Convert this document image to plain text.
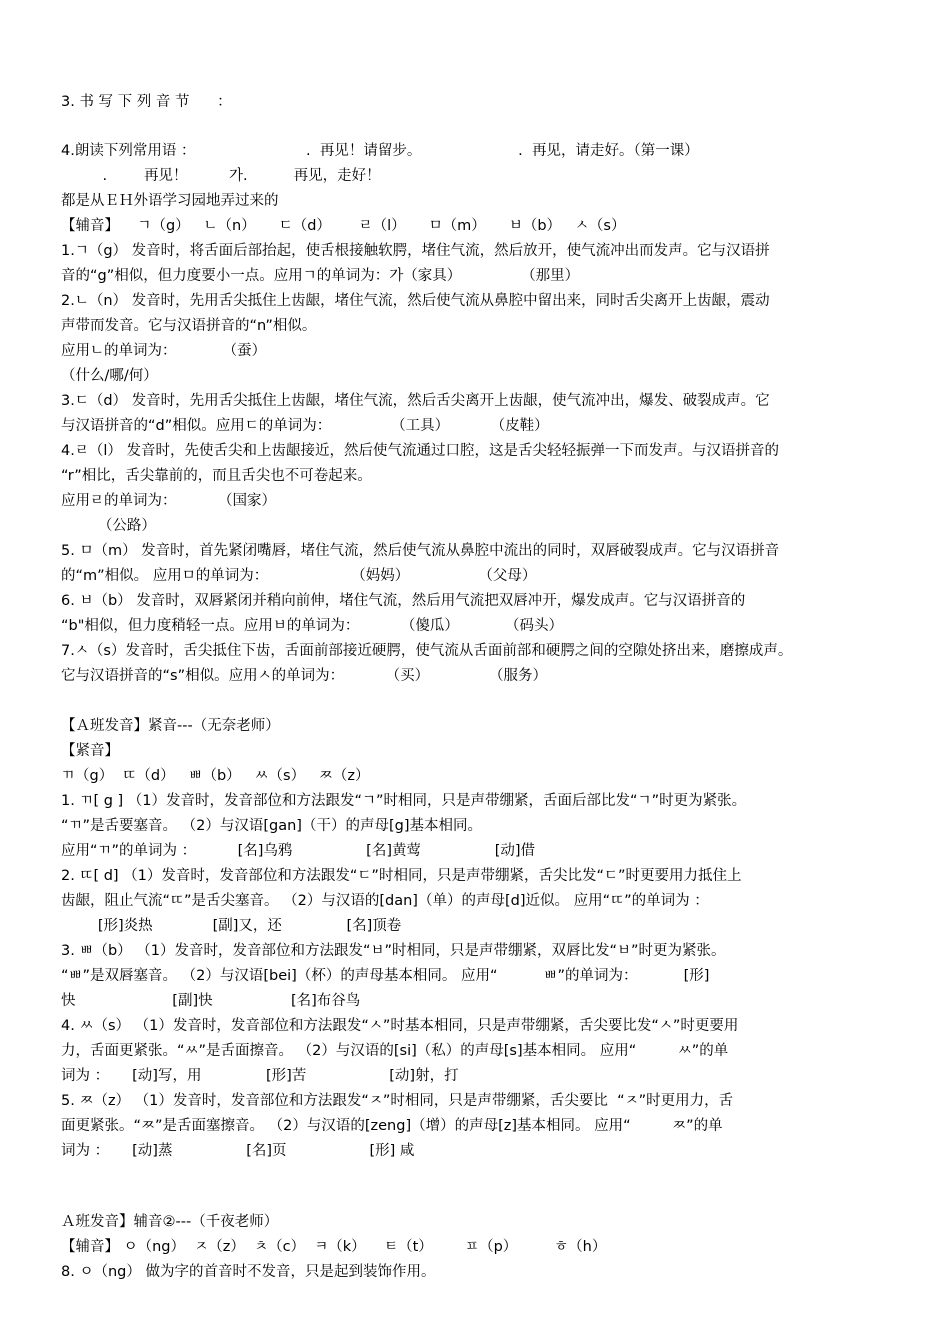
3. 书 写 下 列 音 节      ：
4.朗读下列常用语 ：                        .  再见！请留步。                     .  再见，请走好。（第一课）
.        再见！         가.          再见，走好！
都是从ＥＨ外语学习园地弄过来的
【辅音】    ㄱ（g）   ㄴ（n）     ㄷ（d）      ㄹ（l）     ㅁ（m）     ㅂ（b）   ㅅ（s）
1.ㄱ（g） 发音时，将舌面后部抬起，使舌根接触软腭，堵住气流，然后放开，使气流冲出而发声。它与汉语拼
音的“g”相似，但力度要小一点。应用ㄱ的单词为：가（家具）             （那里）
2.ㄴ（n） 发音时，先用舌尖抵住上齿龈，堵住气流，然后使气流从鼻腔中留出来，同时舌尖离开上齿龈，震动
声带而发音。它与汉语拼音的“n”相似。
应用ㄴ的单词为：          （蚕）
（什么/哪/何）
3.ㄷ（d） 发音时，先用舌尖抵住上齿龈，堵住气流，然后舌尖离开上齿龈，使气流冲出，爆发、破裂成声。它
与汉语拼音的“d”相似。应用ㄷ的单词为：             （工具）         （皮鞋）
4.ㄹ（l） 发音时，先使舌尖和上齿龈接近，然后使气流通过口腔，这是舌尖轻轻振弹一下而发声。与汉语拼音的
“r”相比，舌尖靠前的，而且舌尖也不可卷起来。
应用ㄹ的单词为：         （国家）
（公路）
5. ㅁ（m） 发音时，首先紧闭嘴唇，堵住气流，然后使气流从鼻腔中流出的同时，双唇破裂成声。它与汉语拼音
的“m”相似。 应用ㅁ的单词为：                  （妈妈）               （父母）
6. ㅂ（b） 发音时，双唇紧闭并稍向前伸，堵住气流，然后用气流把双唇冲开，爆发成声。它与汉语拼音的
“b"相似，但力度稍轻一点。应用ㅂ的单词为：         （傻瓜）          （码头）
7.ㅅ（s）发音时，舌尖抵住下齿，舌面前部接近硬腭，使气流从舌面前部和硬腭之间的空隙处挤出来，磨擦成声。
它与汉语拼音的“s”相似。应用ㅅ的单词为：         （买）             （服务）
【Ａ班发音】紧音---（无奈老师）
【紧音】
ㄲ（g）  ㄸ（d）   ㅃ（b）   ㅆ（s）   ㅉ（z）
1. ㄲ[ g ] （1）发音时，发音部位和方法跟发“ㄱ”时相同，只是声带绷紧，舌面后部比发“ㄱ”时更为紧张。
“ㄲ”是舌要塞音。 （2）与汉语[gan]（干）的声母[g]基本相同。
应用“ㄲ”的单词为 ：         [名]乌鸦                [名]黄莺                [动]借
2. ㄸ[ d] （1）发音时，发音部位和方法跟发“ㄷ”时相同，只是声带绷紧，舌尖比发“ㄷ”时更要用力抵住上
齿龈，阻止气流“ㄸ”是舌尖塞音。 （2）与汉语的[dan]（单）的声母[d]近似。 应用“ㄸ”的单词为 ：
[形]炎热             [副]又，还              [名]顶卷
3. ㅃ（b） （1）发音时，发音部位和方法跟发“ㅂ”时相同，只是声带绷紧，双唇比发“ㅂ”时更为紧张。
“ㅃ”是双唇塞音。 （2）与汉语[bei]（杯）的声母基本相同。 应用“          ㅃ”的单词为：          [形]
快                     [副]快                 [名]布谷鸟
4. ㅆ（s） （1）发音时，发音部位和方法跟发“ㅅ”时基本相同，只是声带绷紧，舌尖要比发“ㅅ”时更要用
力，舌面更紧张。“ㅆ”是舌面擦音。 （2）与汉语的[si]（私）的声母[s]基本相同。 应用“         ㅆ”的单
词为 ：     [动]写，用              [形]苦                  [动]射，打
5. ㅉ（z） （1）发音时，发音部位和方法跟发“ㅈ”时相同，只是声带绷紧，舌尖要比  “ㅈ”时更用力，舌
面更紧张。“ㅉ”是舌面塞擦音。 （2）与汉语的[zeng]（增）的声母[z]基本相同。 应用“         ㅉ”的单
词为 ：     [动]蒸                [名]页                  [形] 咸
Ａ班发音】辅音②---（千夜老师）
【辅音】 ㅇ（ng）  ㅈ（z）  ㅊ（c）  ㅋ（k）    ㅌ（t）       ㅍ（p）        ㅎ（h）
8. ㅇ（ng） 做为字的首音时不发音，只是起到装饰作用。
